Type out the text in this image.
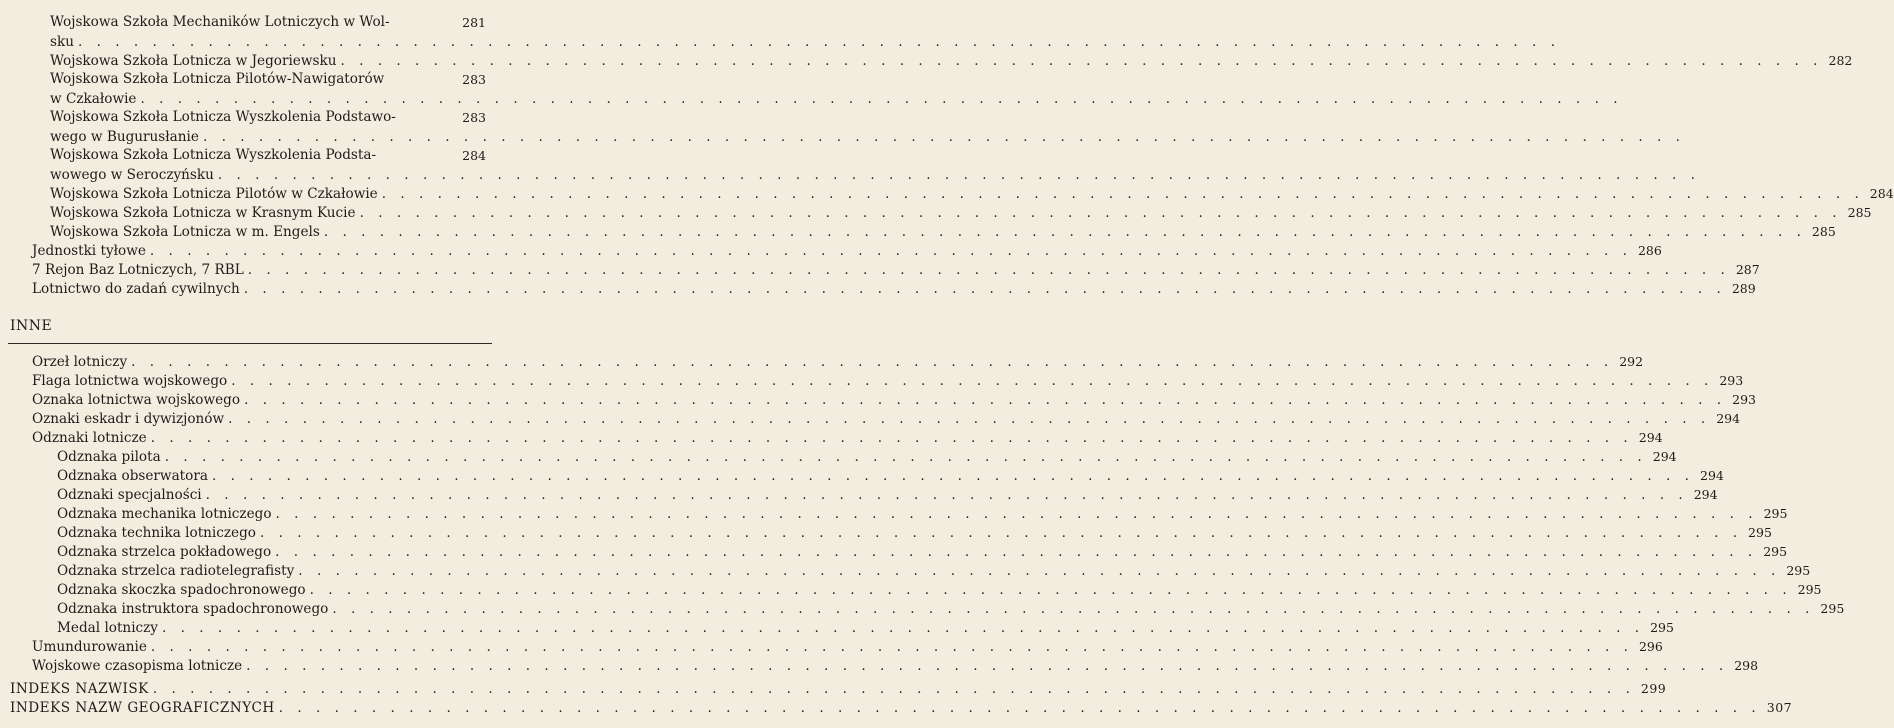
Wojskowa Szkoła Mechaników Lotniczych w Wol-	281
sku . . . . . . . . . . . . . . . . . . . . . . . . . . . . . . . . . . . . . . . . . . . . . . . . . . . . . . . . . . . . . . . . . . . . . . . . . . . . . . . .
Wojskowa Szkoła Lotnicza w Jegoriewsku . . . . . . . . . . . . . . . . . . . . . . . . . . . . . . . . . . . . . . . . . . . . . . . . . . . . . . . . . . . . . . . . . . . . . . . . . . . . . . . . 282
Wojskowa Szkoła Lotnicza Pilotów-Nawigatorów	283
w Czkałowie . . . . . . . . . . . . . . . . . . . . . . . . . . . . . . . . . . . . . . . . . . . . . . . . . . . . . . . . . . . . . . . . . . . . . . . . . . . . . . . .
Wojskowa Szkoła Lotnicza Wyszkolenia Podstawo-	283
wego w Bugurusłanie . . . . . . . . . . . . . . . . . . . . . . . . . . . . . . . . . . . . . . . . . . . . . . . . . . . . . . . . . . . . . . . . . . . . . . . . . . . . . . . .
Wojskowa Szkoła Lotnicza Wyszkolenia Podsta-	284
wowego w Seroczyńsku . . . . . . . . . . . . . . . . . . . . . . . . . . . . . . . . . . . . . . . . . . . . . . . . . . . . . . . . . . . . . . . . . . . . . . . . . . . . . . . .
Wojskowa Szkoła Lotnicza Pilotów w Czkałowie . . . . . . . . . . . . . . . . . . . . . . . . . . . . . . . . . . . . . . . . . . . . . . . . . . . . . . . . . . . . . . . . . . . . . . . . . . . . . . . . 284
Wojskowa Szkoła Lotnicza w Krasnym Kucie . . . . . . . . . . . . . . . . . . . . . . . . . . . . . . . . . . . . . . . . . . . . . . . . . . . . . . . . . . . . . . . . . . . . . . . . . . . . . . . . 285
Wojskowa Szkoła Lotnicza w m. Engels . . . . . . . . . . . . . . . . . . . . . . . . . . . . . . . . . . . . . . . . . . . . . . . . . . . . . . . . . . . . . . . . . . . . . . . . . . . . . . . . 285
Jednostki tyłowe . . . . . . . . . . . . . . . . . . . . . . . . . . . . . . . . . . . . . . . . . . . . . . . . . . . . . . . . . . . . . . . . . . . . . . . . . . . . . . . . 286
7 Rejon Baz Lotniczych, 7 RBL . . . . . . . . . . . . . . . . . . . . . . . . . . . . . . . . . . . . . . . . . . . . . . . . . . . . . . . . . . . . . . . . . . . . . . . . . . . . . . . . 287
Lotnictwo do zadań cywilnych . . . . . . . . . . . . . . . . . . . . . . . . . . . . . . . . . . . . . . . . . . . . . . . . . . . . . . . . . . . . . . . . . . . . . . . . . . . . . . . . 289
INNE
Orzeł lotniczy . . . . . . . . . . . . . . . . . . . . . . . . . . . . . . . . . . . . . . . . . . . . . . . . . . . . . . . . . . . . . . . . . . . . . . . . . . . . . . . . 292
Flaga lotnictwa wojskowego . . . . . . . . . . . . . . . . . . . . . . . . . . . . . . . . . . . . . . . . . . . . . . . . . . . . . . . . . . . . . . . . . . . . . . . . . . . . . . . . 293
Oznaka lotnictwa wojskowego . . . . . . . . . . . . . . . . . . . . . . . . . . . . . . . . . . . . . . . . . . . . . . . . . . . . . . . . . . . . . . . . . . . . . . . . . . . . . . . . 293
Oznaki eskadr i dywizjonów . . . . . . . . . . . . . . . . . . . . . . . . . . . . . . . . . . . . . . . . . . . . . . . . . . . . . . . . . . . . . . . . . . . . . . . . . . . . . . . . 294
Odznaki lotnicze . . . . . . . . . . . . . . . . . . . . . . . . . . . . . . . . . . . . . . . . . . . . . . . . . . . . . . . . . . . . . . . . . . . . . . . . . . . . . . . . 294
Odznaka pilota . . . . . . . . . . . . . . . . . . . . . . . . . . . . . . . . . . . . . . . . . . . . . . . . . . . . . . . . . . . . . . . . . . . . . . . . . . . . . . . . 294
Odznaka obserwatora . . . . . . . . . . . . . . . . . . . . . . . . . . . . . . . . . . . . . . . . . . . . . . . . . . . . . . . . . . . . . . . . . . . . . . . . . . . . . . . . 294
Odznaki specjalności . . . . . . . . . . . . . . . . . . . . . . . . . . . . . . . . . . . . . . . . . . . . . . . . . . . . . . . . . . . . . . . . . . . . . . . . . . . . . . . . 294
Odznaka mechanika lotniczego . . . . . . . . . . . . . . . . . . . . . . . . . . . . . . . . . . . . . . . . . . . . . . . . . . . . . . . . . . . . . . . . . . . . . . . . . . . . . . . . 295
Odznaka technika lotniczego . . . . . . . . . . . . . . . . . . . . . . . . . . . . . . . . . . . . . . . . . . . . . . . . . . . . . . . . . . . . . . . . . . . . . . . . . . . . . . . . 295
Odznaka strzelca pokładowego . . . . . . . . . . . . . . . . . . . . . . . . . . . . . . . . . . . . . . . . . . . . . . . . . . . . . . . . . . . . . . . . . . . . . . . . . . . . . . . . 295
Odznaka strzelca radiotelegrafisty . . . . . . . . . . . . . . . . . . . . . . . . . . . . . . . . . . . . . . . . . . . . . . . . . . . . . . . . . . . . . . . . . . . . . . . . . . . . . . . . 295
Odznaka skoczka spadochronowego . . . . . . . . . . . . . . . . . . . . . . . . . . . . . . . . . . . . . . . . . . . . . . . . . . . . . . . . . . . . . . . . . . . . . . . . . . . . . . . . 295
Odznaka instruktora spadochronowego . . . . . . . . . . . . . . . . . . . . . . . . . . . . . . . . . . . . . . . . . . . . . . . . . . . . . . . . . . . . . . . . . . . . . . . . . . . . . . . . 295
Medal lotniczy . . . . . . . . . . . . . . . . . . . . . . . . . . . . . . . . . . . . . . . . . . . . . . . . . . . . . . . . . . . . . . . . . . . . . . . . . . . . . . . . 295
Umundurowanie . . . . . . . . . . . . . . . . . . . . . . . . . . . . . . . . . . . . . . . . . . . . . . . . . . . . . . . . . . . . . . . . . . . . . . . . . . . . . . . . 296
Wojskowe czasopisma lotnicze . . . . . . . . . . . . . . . . . . . . . . . . . . . . . . . . . . . . . . . . . . . . . . . . . . . . . . . . . . . . . . . . . . . . . . . . . . . . . . . . 298
INDEKS NAZWISK . . . . . . . . . . . . . . . . . . . . . . . . . . . . . . . . . . . . . . . . . . . . . . . . . . . . . . . . . . . . . . . . . . . . . . . . . . . . . . . . 299
INDEKS NAZW GEOGRAFICZNYCH . . . . . . . . . . . . . . . . . . . . . . . . . . . . . . . . . . . . . . . . . . . . . . . . . . . . . . . . . . . . . . . . . . . . . . . . . . . . . . . . 307
